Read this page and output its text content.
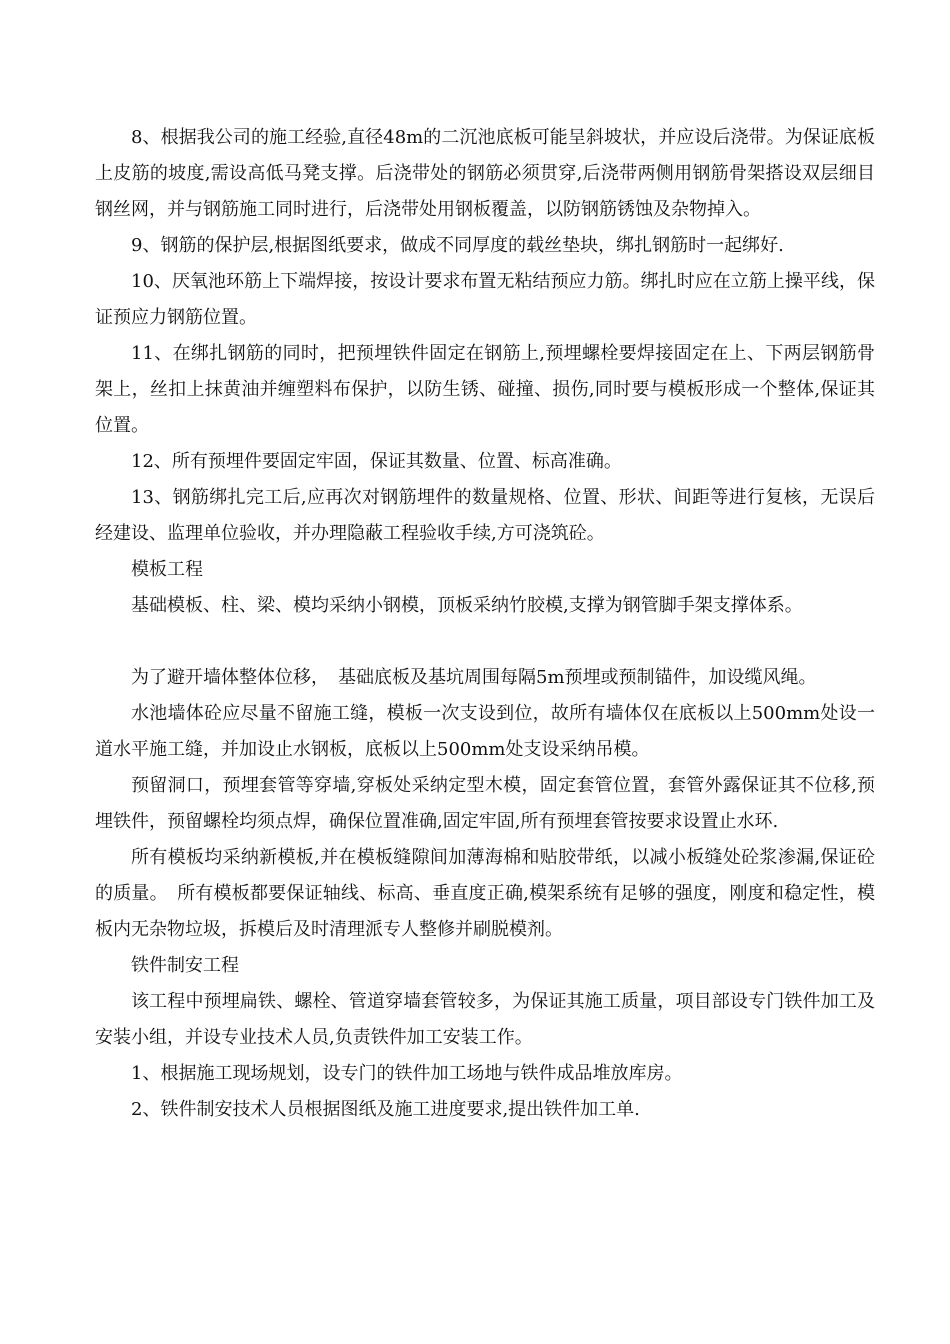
8、根据我公司的施工经验,直径48m的二沉池底板可能呈斜坡状，并应设后浇带。为保证底板上皮筋的坡度,需设高低马凳支撑。后浇带处的钢筋必须贯穿,后浇带两侧用钢筋骨架搭设双层细目钢丝网，并与钢筋施工同时进行，后浇带处用钢板覆盖，以防钢筋锈蚀及杂物掉入。

9、钢筋的保护层,根据图纸要求，做成不同厚度的载丝垫块，绑扎钢筋时一起绑好.

10、厌氧池环筋上下端焊接，按设计要求布置无粘结预应力筋。绑扎时应在立筋上操平线，保证预应力钢筋位置。

11、在绑扎钢筋的同时，把预埋铁件固定在钢筋上,预埋螺栓要焊接固定在上、下两层钢筋骨架上，丝扣上抹黄油并缠塑料布保护，以防生锈、碰撞、损伤,同时要与模板形成一个整体,保证其位置。

12、所有预埋件要固定牢固，保证其数量、位置、标高准确。

13、钢筋绑扎完工后,应再次对钢筋埋件的数量规格、位置、形状、间距等进行复核，无误后经建设、监理单位验收，并办理隐蔽工程验收手续,方可浇筑砼。

模板工程

基础模板、柱、梁、模均采纳小钢模，顶板采纳竹胶模,支撑为钢管脚手架支撑体系。

为了避开墙体整体位移，　基础底板及基坑周围每隔5m预埋或预制锚件，加设缆风绳。

水池墙体砼应尽量不留施工缝，模板一次支设到位，故所有墙体仅在底板以上500mm处设一道水平施工缝，并加设止水钢板，底板以上500mm处支设采纳吊模。

预留洞口，预埋套管等穿墙,穿板处采纳定型木模，固定套管位置，套管外露保证其不位移,预埋铁件，预留螺栓均须点焊，确保位置准确,固定牢固,所有预埋套管按要求设置止水环.

所有模板均采纳新模板,并在模板缝隙间加薄海棉和贴胶带纸，以减小板缝处砼浆渗漏,保证砼的质量。　所有模板都要保证轴线、标高、垂直度正确,模架系统有足够的强度，刚度和稳定性，模板内无杂物垃圾，拆模后及时清理派专人整修并刷脱模剂。

铁件制安工程

该工程中预埋扁铁、螺栓、管道穿墙套管较多，为保证其施工质量，项目部设专门铁件加工及安装小组，并设专业技术人员,负责铁件加工安装工作。

1、根据施工现场规划，设专门的铁件加工场地与铁件成品堆放库房。

2、铁件制安技术人员根据图纸及施工进度要求,提出铁件加工单.
